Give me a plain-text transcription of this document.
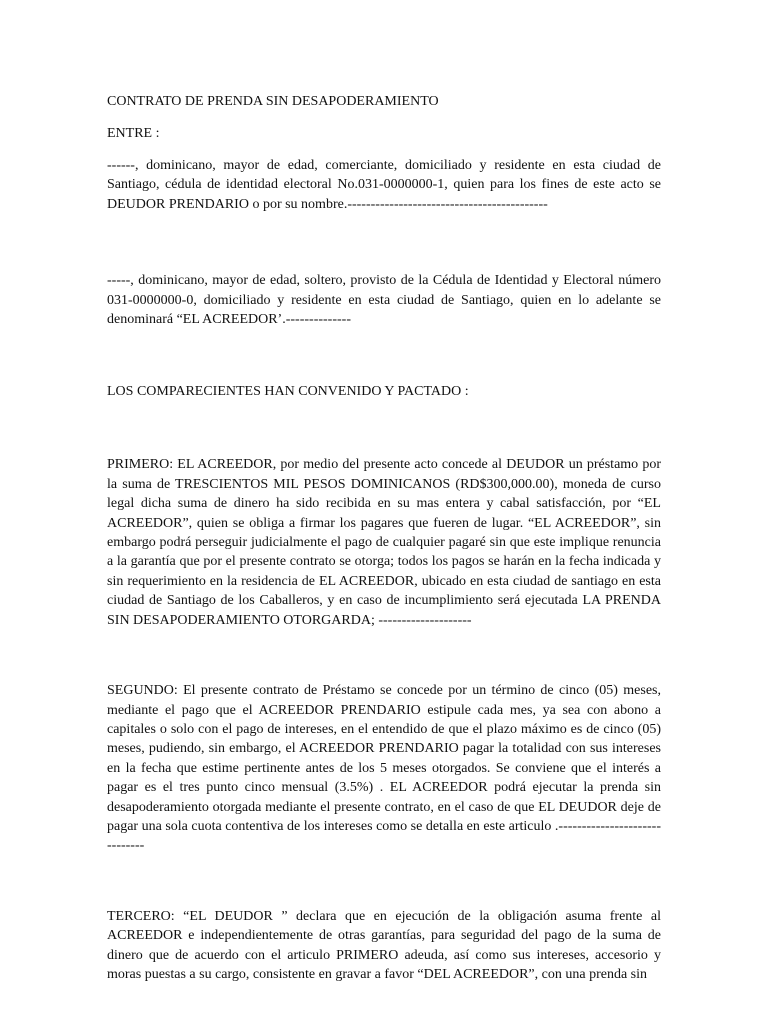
CONTRATO DE PRENDA SIN DESAPODERAMIENTO

ENTRE :

------, dominicano, mayor de edad, comerciante, domiciliado y residente en esta ciudad de Santiago, cédula de identidad electoral No.031-0000000-1, quien para los fines de este acto se DEUDOR PRENDARIO o por su nombre.-------------------------------------------

-----, dominicano, mayor de edad, soltero, provisto de la Cédula de Identidad y Electoral número 031-0000000-0, domiciliado y residente en esta ciudad de Santiago, quien en lo adelante se denominará “EL ACREEDOR’.--------------

LOS COMPARECIENTES HAN CONVENIDO Y PACTADO :

PRIMERO: EL ACREEDOR, por medio del presente acto concede al DEUDOR un préstamo por la suma de TRESCIENTOS MIL PESOS DOMINICANOS (RD$300,000.00), moneda de curso legal dicha suma de dinero ha sido recibida en su mas entera y cabal satisfacción, por “EL ACREEDOR”, quien se obliga a firmar los pagares que fueren de lugar. “EL ACREEDOR”, sin embargo podrá perseguir judicialmente el pago de cualquier pagaré sin que este implique renuncia a la garantía que por el presente contrato se otorga; todos los pagos se harán en la fecha indicada y sin requerimiento en la residencia de EL ACREEDOR, ubicado en esta ciudad de santiago en esta ciudad de Santiago de los Caballeros, y en caso de incumplimiento será ejecutada LA PRENDA SIN DESAPODERAMIENTO OTORGARDA; --------------------

SEGUNDO: El presente contrato de Préstamo se concede por un término de cinco (05) meses, mediante el pago que el ACREEDOR PRENDARIO estipule cada mes, ya sea con abono a capitales o solo con el pago de intereses, en el entendido de que el plazo máximo es de cinco (05) meses, pudiendo, sin embargo, el ACREEDOR PRENDARIO pagar la totalidad con sus intereses en la fecha que estime pertinente antes de los 5 meses otorgados. Se conviene que el interés a pagar es el tres punto cinco mensual (3.5%) . EL ACREEDOR podrá ejecutar la prenda sin desapoderamiento otorgada mediante el presente contrato, en el caso de que EL DEUDOR deje de pagar una sola cuota contentiva de los intereses como se detalla en este articulo .------------------------------

TERCERO: “EL DEUDOR ” declara que en ejecución de la obligación asuma frente al ACREEDOR e independientemente de otras garantías, para seguridad del pago de la suma de dinero que de acuerdo con el articulo PRIMERO adeuda, así como sus intereses, accesorio y moras puestas a su cargo, consistente en gravar a favor “DEL ACREEDOR”, con una prenda sin
